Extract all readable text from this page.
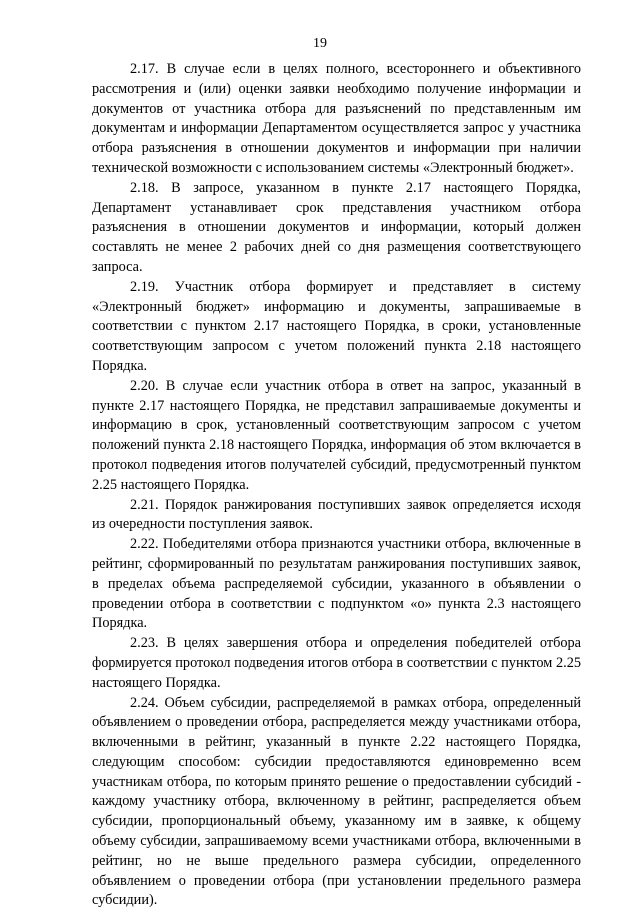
19

2.17. В случае если в целях полного, всестороннего и объективного рассмотрения и (или) оценки заявки необходимо получение информации и документов от участника отбора для разъяснений по представленным им документам и информации Департаментом осуществляется запрос у участника отбора разъяснения в отношении документов и информации при наличии технической возможности с использованием системы «Электронный бюджет».

2.18. В запросе, указанном в пункте 2.17 настоящего Порядка, Департамент устанавливает срок представления участником отбора разъяснения в отношении документов и информации, который должен составлять не менее 2 рабочих дней со дня размещения соответствующего запроса.

2.19. Участник отбора формирует и представляет в систему «Электронный бюджет» информацию и документы, запрашиваемые в соответствии с пунктом 2.17 настоящего Порядка, в сроки, установленные соответствующим запросом с учетом положений пункта 2.18 настоящего Порядка.

2.20. В случае если участник отбора в ответ на запрос, указанный в пункте 2.17 настоящего Порядка, не представил запрашиваемые документы и информацию в срок, установленный соответствующим запросом с учетом положений пункта 2.18 настоящего Порядка, информация об этом включается в протокол подведения итогов получателей субсидий, предусмотренный пунктом 2.25 настоящего Порядка.

2.21. Порядок ранжирования поступивших заявок определяется исходя из очередности поступления заявок.

2.22. Победителями отбора признаются участники отбора, включенные в рейтинг, сформированный по результатам ранжирования поступивших заявок, в пределах объема распределяемой субсидии, указанного в объявлении о проведении отбора в соответствии с подпунктом «о» пункта 2.3 настоящего Порядка.

2.23. В целях завершения отбора и определения победителей отбора формируется протокол подведения итогов отбора в соответствии с пунктом 2.25 настоящего Порядка.

2.24. Объем субсидии, распределяемой в рамках отбора, определенный объявлением о проведении отбора, распределяется между участниками отбора, включенными в рейтинг, указанный в пункте 2.22 настоящего Порядка, следующим способом: субсидии предоставляются единовременно всем участникам отбора, по которым принято решение о предоставлении субсидий - каждому участнику отбора, включенному в рейтинг, распределяется объем субсидии, пропорциональный объему, указанному им в заявке, к общему объему субсидии, запрашиваемому всеми участниками отбора, включенными в рейтинг, но не выше предельного размера субсидии, определенного объявлением о проведении отбора (при установлении предельного размера субсидии).
